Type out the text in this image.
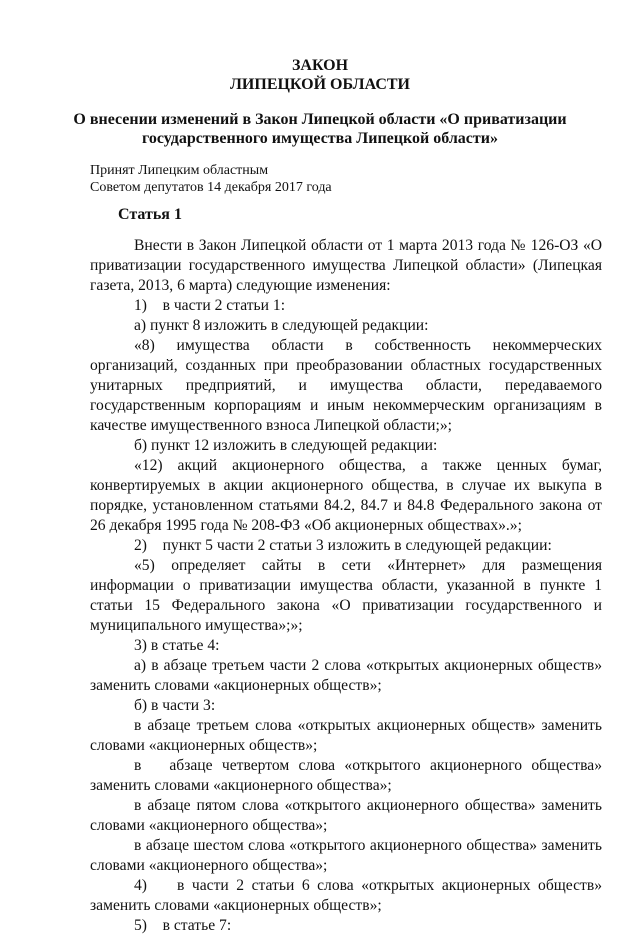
ЗАКОН

ЛИПЕЦКОЙ ОБЛАСТИ

О внесении изменений в Закон Липецкой области «О приватизации
государственного имущества Липецкой области»
Принят Липецким областным
Советом депутатов 14 декабря 2017 года
Статья 1

Внести в Закон Липецкой области от 1 марта 2013 года № 126-ОЗ «О приватизации государственного имущества Липецкой области» (Липецкая газета, 2013, 6 марта) следующие изменения:

1)    в части 2 статьи 1:

а) пункт 8 изложить в следующей редакции:

«8) имущества области в собственность некоммерческих организаций, созданных при преобразовании областных государственных унитарных предприятий, и имущества области, передаваемого государственным корпорациям и иным некоммерческим организациям в качестве имущественного взноса Липецкой области;»;

б) пункт 12 изложить в следующей редакции:

«12) акций акционерного общества, а также ценных бумаг, конвертируемых в акции акционерного общества, в случае их выкупа в порядке, установленном статьями 84.2, 84.7 и 84.8 Федерального закона от 26 декабря 1995 года № 208-ФЗ «Об акционерных обществах».»;

2)    пункт 5 части 2 статьи 3 изложить в следующей редакции:

«5) определяет сайты в сети «Интернет» для размещения информации о приватизации имущества области, указанной в пункте 1 статьи 15 Федерального закона «О приватизации государственного и муниципального имущества»;»;

3) в статье 4:

а) в абзаце третьем части 2 слова «открытых акционерных обществ» заменить словами «акционерных обществ»;

б) в части 3:

в абзаце третьем слова «открытых акционерных обществ» заменить словами «акционерных обществ»;

в   абзаце четвертом слова «открытого акционерного общества» заменить словами «акционерного общества»;

в абзаце пятом слова «открытого акционерного общества» заменить словами «акционерного общества»;

в абзаце шестом слова «открытого акционерного общества» заменить словами «акционерного общества»;

4)    в части 2 статьи 6 слова «открытых акционерных обществ» заменить словами «акционерных обществ»;

5)    в статье 7:
